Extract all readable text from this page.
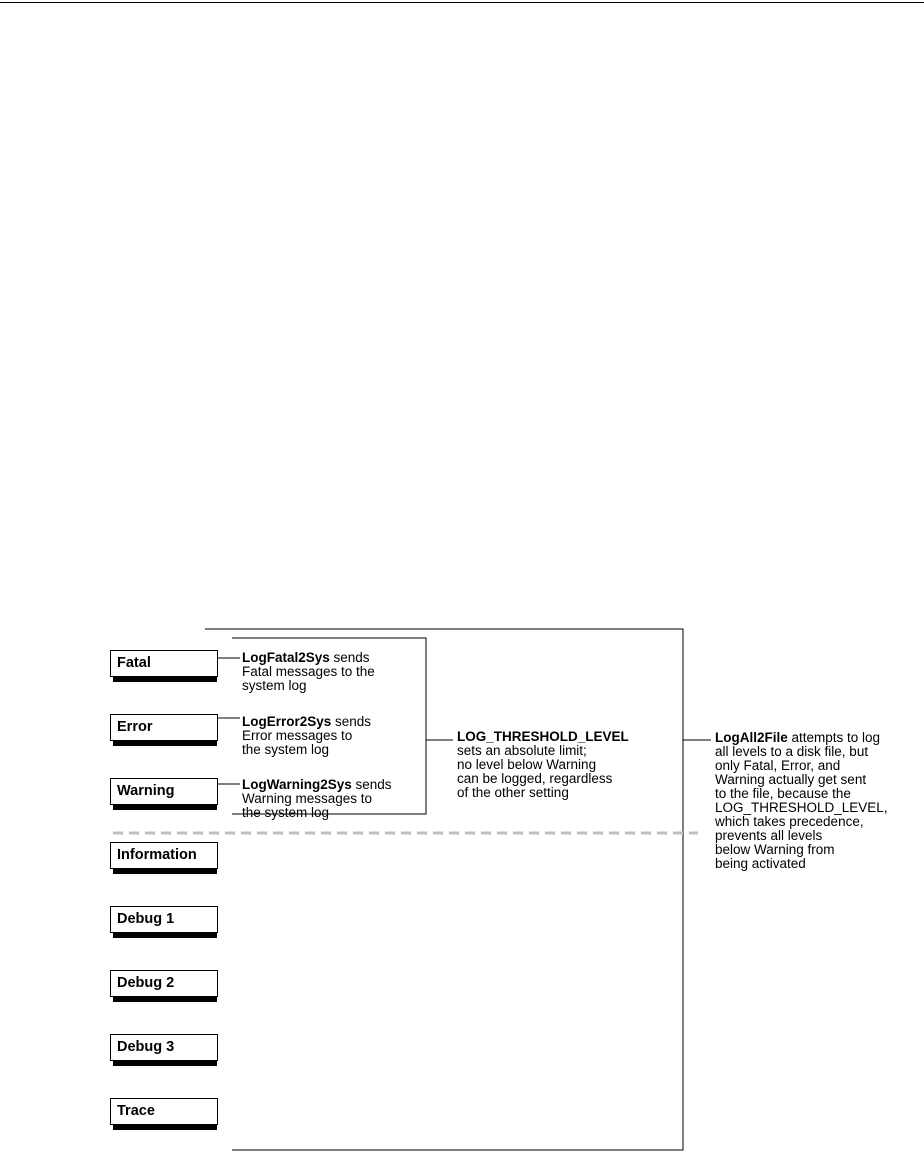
Fatal
Error
Warning
Information
Debug 1
Debug 2
Debug 3
Trace
LogFatal2Sys sends
Fatal messages to the
system log
LogError2Sys sends
Error messages to
the system log
LogWarning2Sys sends
Warning messages to
the system log
LOG_THRESHOLD_LEVEL
sets an absolute limit;
no level below Warning
can be logged, regardless
of the other setting
LogAll2File attempts to log
all levels to a disk file, but
only Fatal, Error, and
Warning actually get sent
to the file, because the
LOG_THRESHOLD_LEVEL,
which takes precedence,
prevents all levels
below Warning from
being activated
